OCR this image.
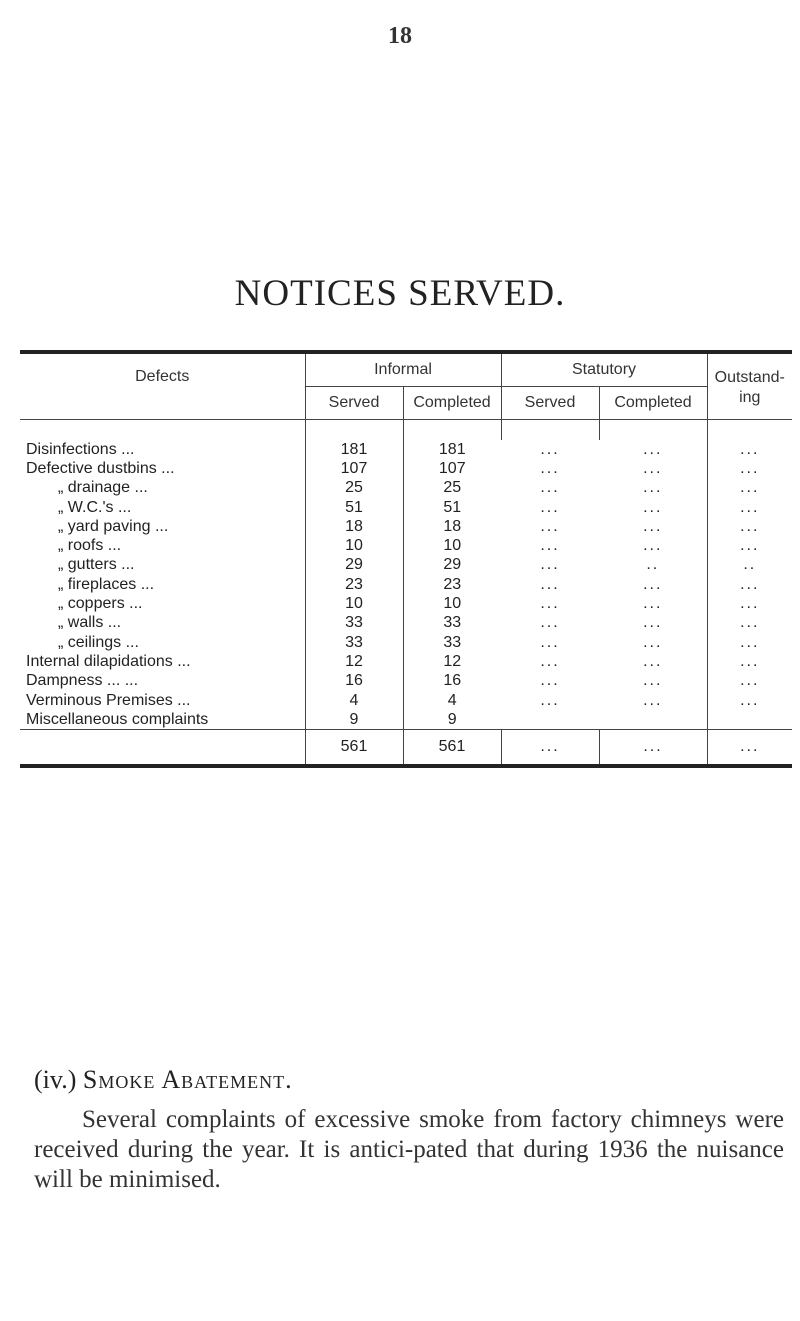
18
NOTICES SERVED.
Defects	Informal		Statutory		Outstand-ing
	Served	Completed	Served	Completed	

Disinfections ...	181	181	...	...	...
Defective dustbins ...	107	107	...	...	...
„ drainage ...	25	25	...	...	...
„ W.C.'s ...	51	51	...	...	...
„ yard paving ...	18	18	...	...	...
„ roofs ...	10	10	...	...	...
„ gutters ...	29	29	...	..	..
„ fireplaces ...	23	23	...	...	...
„ coppers ...	10	10	...	...	...
„ walls ...	33	33	...	...	...
„ ceilings ...	33	33	...	...	...
Internal dilapidations ...	12	12	...	...	...
Dampness ... ...	16	16	...	...	...
Verminous Premises ...	4	4	...	...	...
Miscellaneous complaints	9	9			
	561	561	...	...	...
(iv.) Smoke Abatement.
Several complaints of excessive smoke from factory chimneys were received during the year. It is antici-pated that during 1936 the nuisance will be minimised.
